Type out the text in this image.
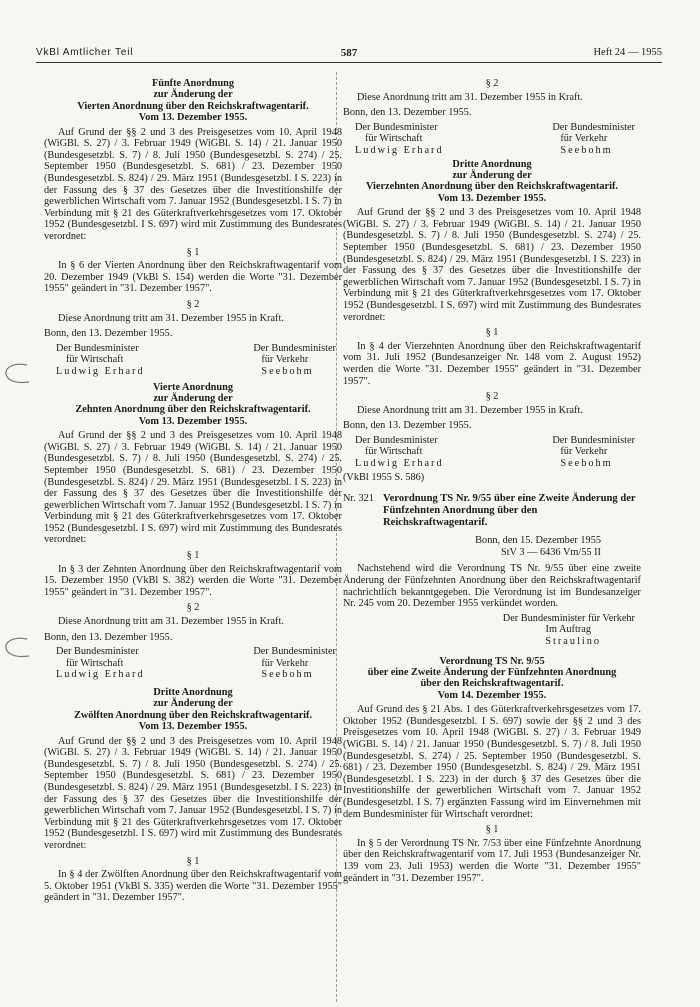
VkBl Amtlicher Teil	587	Heft 24 — 1955
Fünfte Anordnung
zur Änderung der
Vierten Anordnung über den Reichskraftwagentarif.
Vom 13. Dezember 1955.

Auf Grund der §§ 2 und 3 des Preisgesetzes vom 10. April 1948 (WiGBl. S. 27) / 3. Februar 1949 (WiGBl. S. 14) / 21. Januar 1950 (Bundesgesetzbl. S. 7) / 8. Juli 1950 (Bundesgesetzbl. S. 274) / 25. September 1950 (Bundesgesetzbl. S. 681) / 23. Dezember 1950 (Bundesgesetzbl. S. 824) / 29. März 1951 (Bundesgesetzbl. I S. 223) in der Fassung des § 37 des Gesetzes über die Investitionshilfe der gewerblichen Wirtschaft vom 7. Januar 1952 (Bundesgesetzbl. I S. 7) in Verbindung mit § 21 des Güterkraftverkehrsgesetzes vom 17. Oktober 1952 (Bundesgesetzbl. I S. 697) wird mit Zustimmung des Bundesrates verordnet:

§ 1

In § 6 der Vierten Anordnung über den Reichskraftwagentarif vom 20. Dezember 1949 (VkBl S. 154) werden die Worte "31. Dezember 1955" geändert in "31. Dezember 1957".

§ 2

Diese Anordnung tritt am 31. Dezember 1955 in Kraft.

Bonn, den 13. Dezember 1955.
Der Bundesminister
für Wirtschaft
Ludwig Erhard
Der Bundesminister
für Verkehr
Seebohm
Vierte Anordnung
zur Änderung der
Zehnten Anordnung über den Reichskraftwagentarif.
Vom 13. Dezember 1955.

Auf Grund der §§ 2 und 3 des Preisgesetzes vom 10. April 1948 (WiGBl. S. 27) / 3. Februar 1949 (WiGBl. S. 14) / 21. Januar 1950 (Bundesgesetzbl. S. 7) / 8. Juli 1950 (Bundesgesetzbl. S. 274) / 25. September 1950 (Bundesgesetzbl. S. 681) / 23. Dezember 1950 (Bundesgesetzbl. S. 824) / 29. März 1951 (Bundesgesetzbl. I S. 223) in der Fassung des § 37 des Gesetzes über die Investitionshilfe der gewerblichen Wirtschaft vom 7. Januar 1952 (Bundesgesetzbl. I S. 7) in Verbindung mit § 21 des Güterkraftverkehrsgesetzes vom 17. Oktober 1952 (Bundesgesetzbl. I S. 697) wird mit Zustimmung des Bundesrates verordnet:

§ 1

In § 3 der Zehnten Anordnung über den Reichskraftwagentarif vom 15. Dezember 1950 (VkBl S. 382) werden die Worte "31. Dezember 1955" geändert in "31. Dezember 1957".

§ 2

Diese Anordnung tritt am 31. Dezember 1955 in Kraft.

Bonn, den 13. Dezember 1955.
Der Bundesminister
für Wirtschaft
Ludwig Erhard
Der Bundesminister
für Verkehr
Seebohm
Dritte Anordnung
zur Änderung der
Zwölften Anordnung über den Reichskraftwagentarif.
Vom 13. Dezember 1955.

Auf Grund der §§ 2 und 3 des Preisgesetzes vom 10. April 1948 (WiGBl. S. 27) / 3. Februar 1949 (WiGBl. S. 14) / 21. Januar 1950 (Bundesgesetzbl. S. 7) / 8. Juli 1950 (Bundesgesetzbl. S. 274) / 25. September 1950 (Bundesgesetzbl. S. 681) / 23. Dezember 1950 (Bundesgesetzbl. S. 824) / 29. März 1951 (Bundesgesetzbl. I S. 223) in der Fassung des § 37 des Gesetzes über die Investitionshilfe der gewerblichen Wirtschaft vom 7. Januar 1952 (Bundesgesetzbl. I S. 7) in Verbindung mit § 21 des Güterkraftverkehrsgesetzes vom 17. Oktober 1952 (Bundesgesetzbl. I S. 697) wird mit Zustimmung des Bundesrates verordnet:

§ 1

In § 4 der Zwölften Anordnung über den Reichskraftwagentarif vom 5. Oktober 1951 (VkBl S. 335) werden die Worte "31. Dezember 1955" geändert in "31. Dezember 1957".

§ 2

Diese Anordnung tritt am 31. Dezember 1955 in Kraft.

Bonn, den 13. Dezember 1955.
Der Bundesminister
für Wirtschaft
Ludwig Erhard
Der Bundesminister
für Verkehr
Seebohm
Dritte Anordnung
zur Änderung der
Vierzehnten Anordnung über den Reichskraftwagentarif.
Vom 13. Dezember 1955.

Auf Grund der §§ 2 und 3 des Preisgesetzes vom 10. April 1948 (WiGBl. S. 27) / 3. Februar 1949 (WiGBl. S. 14) / 21. Januar 1950 (Bundesgesetzbl. S. 7) / 8. Juli 1950 (Bundesgesetzbl. S. 274) / 25. September 1950 (Bundesgesetzbl. S. 681) / 23. Dezember 1950 (Bundesgesetzbl. S. 824) / 29. März 1951 (Bundesgesetzbl. I S. 223) in der Fassung des § 37 des Gesetzes über die Investitionshilfe der gewerblichen Wirtschaft vom 7. Januar 1952 (Bundesgesetzbl. I S. 7) in Verbindung mit § 21 des Güterkraftverkehrsgesetzes vom 17. Oktober 1952 (Bundesgesetzbl. I S. 697) wird mit Zustimmung des Bundesrates verordnet:

§ 1

In § 4 der Vierzehnten Anordnung über den Reichskraftwagentarif vom 31. Juli 1952 (Bundesanzeiger Nr. 148 vom 2. August 1952) werden die Worte "31. Dezember 1955" geändert in "31. Dezember 1957".

§ 2

Diese Anordnung tritt am 31. Dezember 1955 in Kraft.

Bonn, den 13. Dezember 1955.
Der Bundesminister
für Wirtschaft
Ludwig Erhard
Der Bundesminister
für Verkehr
Seebohm
(VkBl 1955 S. 586)
Nr. 321 Verordnung TS Nr. 9/55 über eine Zweite Änderung der Fünfzehnten Anordnung über den Reichskraftwagentarif.
Bonn, den 15. Dezember 1955
StV 3 — 6436 Vm/55 II

Nachstehend wird die Verordnung TS Nr. 9/55 über eine zweite Änderung der Fünfzehnten Anordnung über den Reichskraftwagentarif nachrichtlich bekanntgegeben. Die Verordnung ist im Bundesanzeiger Nr. 245 vom 20. Dezember 1955 verkündet worden.

Der Bundesminister für Verkehr
Im Auftrag
Straulino
Verordnung TS Nr. 9/55
über eine Zweite Änderung der Fünfzehnten Anordnung
über den Reichskraftwagentarif.
Vom 14. Dezember 1955.

Auf Grund des § 21 Abs. 1 des Güterkraftverkehrsgesetzes vom 17. Oktober 1952 (Bundesgesetzbl. I S. 697) sowie der §§ 2 und 3 des Preisgesetzes vom 10. April 1948 (WiGBl. S. 27) / 3. Februar 1949 (WiGBl. S. 14) / 21. Januar 1950 (Bundesgesetzbl. S. 7) / 8. Juli 1950 (Bundesgesetzbl. S. 274) / 25. September 1950 (Bundesgesetzbl. S. 681) / 23. Dezember 1950 (Bundesgesetzbl. S. 824) / 29. März 1951 (Bundesgesetzbl. I S. 223) in der durch § 37 des Gesetzes über die Investitionshilfe der gewerblichen Wirtschaft vom 7. Januar 1952 (Bundesgesetzbl. I S. 7) ergänzten Fassung wird im Einvernehmen mit dem Bundesminister für Wirtschaft verordnet:

§ 1

In § 5 der Verordnung TS Nr. 7/53 über eine Fünfzehnte Anordnung über den Reichskraftwagentarif vom 17. Juli 1953 (Bundesanzeiger Nr. 139 vom 23. Juli 1953) werden die Worte "31. Dezember 1955" geändert in "31. Dezember 1957".
